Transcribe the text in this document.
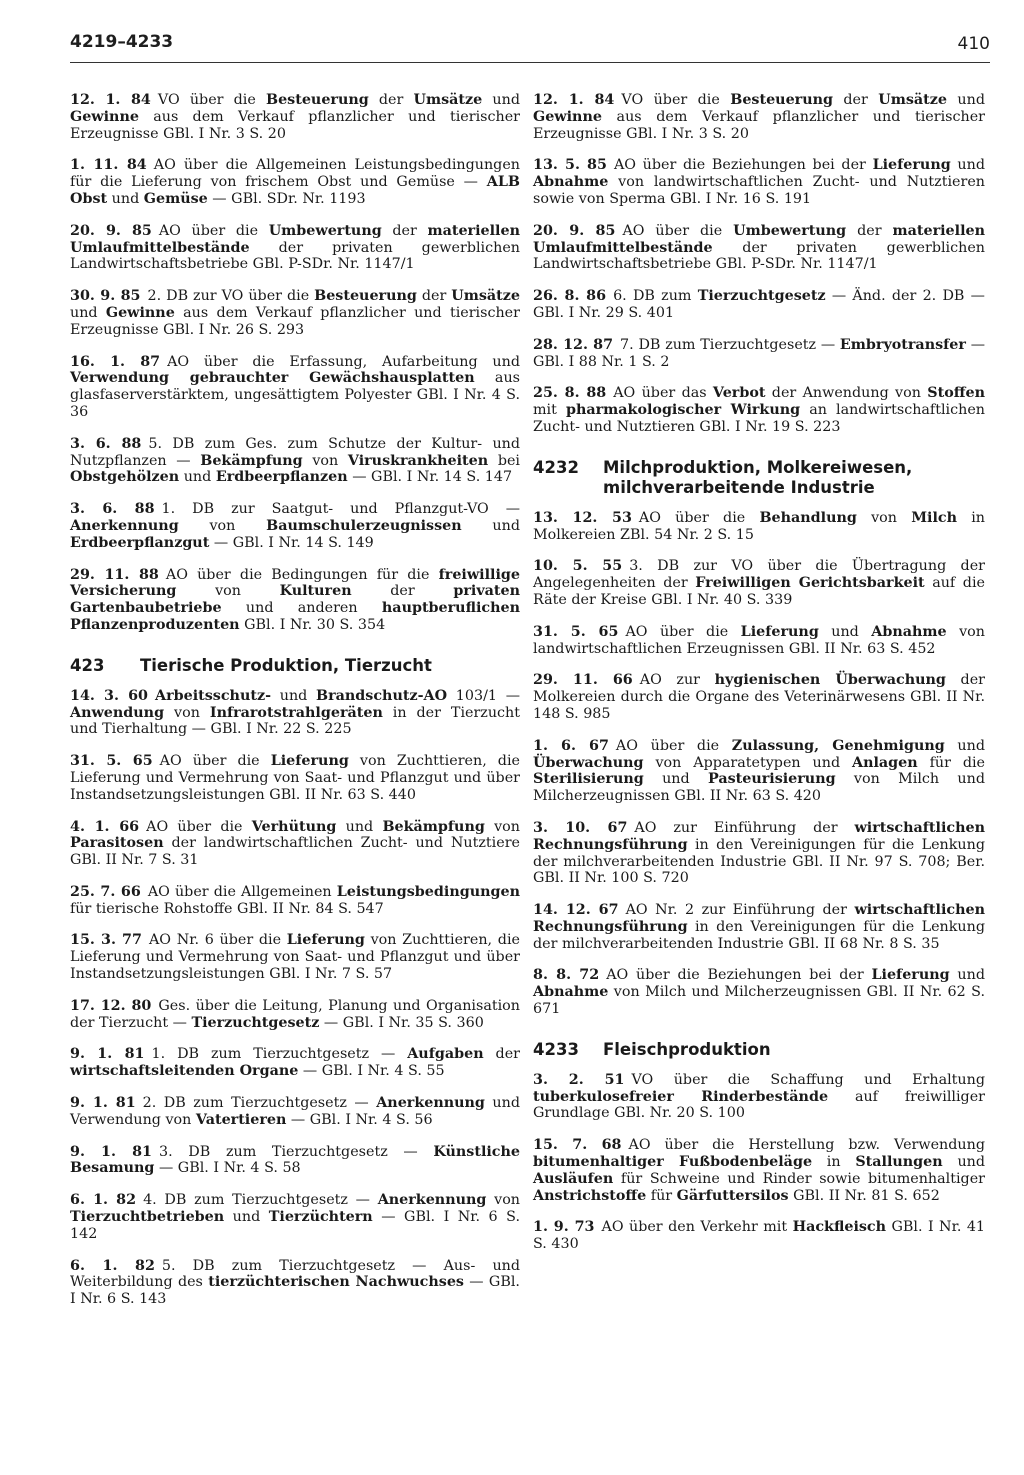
4219–4233	410
12. 1. 84 VO über die Besteuerung der Umsätze und Gewinne aus dem Verkauf pflanzlicher und tierischer Erzeugnisse GBl. I Nr. 3 S. 20
1. 11. 84 AO über die Allgemeinen Leistungsbedingungen für die Lieferung von frischem Obst und Gemüse — ALB Obst und Gemüse — GBl. SDr. Nr. 1193
20. 9. 85 AO über die Umbewertung der materiellen Umlaufmittelbestände der privaten gewerblichen Landwirtschaftsbetriebe GBl. P-SDr. Nr. 1147/1
30. 9. 85 2. DB zur VO über die Besteuerung der Umsätze und Gewinne aus dem Verkauf pflanzlicher und tierischer Erzeugnisse GBl. I Nr. 26 S. 293
16. 1. 87 AO über die Erfassung, Aufarbeitung und Verwendung gebrauchter Gewächshausplatten aus glasfaserverstärktem, ungesättigtem Polyester GBl. I Nr. 4 S. 36
3. 6. 88 5. DB zum Ges. zum Schutze der Kultur- und Nutzpflanzen — Bekämpfung von Viruskrankheiten bei Obstgehölzen und Erdbeerpflanzen — GBl. I Nr. 14 S. 147
3. 6. 88 1. DB zur Saatgut- und Pflanzgut-VO — Anerkennung von Baumschulerzeugnissen und Erdbeerpflanzgut — GBl. I Nr. 14 S. 149
29. 11. 88 AO über die Bedingungen für die freiwillige Versicherung von Kulturen der privaten Gartenbaubetriebe und anderen hauptberuflichen Pflanzenproduzenten GBl. I Nr. 30 S. 354
423	Tierische Produktion, Tierzucht
14. 3. 60 Arbeitsschutz- und Brandschutz-AO 103/1 — Anwendung von Infrarotstrahlgeräten in der Tierzucht und Tierhaltung — GBl. I Nr. 22 S. 225
31. 5. 65 AO über die Lieferung von Zuchttieren, die Lieferung und Vermehrung von Saat- und Pflanzgut und über Instandsetzungsleistungen GBl. II Nr. 63 S. 440
4. 1. 66 AO über die Verhütung und Bekämpfung von Parasitosen der landwirtschaftlichen Zucht- und Nutztiere GBl. II Nr. 7 S. 31
25. 7. 66 AO über die Allgemeinen Leistungsbedingungen für tierische Rohstoffe GBl. II Nr. 84 S. 547
15. 3. 77 AO Nr. 6 über die Lieferung von Zuchttieren, die Lieferung und Vermehrung von Saat- und Pflanzgut und über Instandsetzungsleistungen GBl. I Nr. 7 S. 57
17. 12. 80 Ges. über die Leitung, Planung und Organisation der Tierzucht — Tierzuchtgesetz — GBl. I Nr. 35 S. 360
9. 1. 81 1. DB zum Tierzuchtgesetz — Aufgaben der wirtschaftsleitenden Organe — GBl. I Nr. 4 S. 55
9. 1. 81 2. DB zum Tierzuchtgesetz — Anerkennung und Verwendung von Vatertieren — GBl. I Nr. 4 S. 56
9. 1. 81 3. DB zum Tierzuchtgesetz — Künstliche Besamung — GBl. I Nr. 4 S. 58
6. 1. 82 4. DB zum Tierzuchtgesetz — Anerkennung von Tierzuchtbetrieben und Tierzüchtern — GBl. I Nr. 6 S. 142
6. 1. 82 5. DB zum Tierzuchtgesetz — Aus- und Weiterbildung des tierzüchterischen Nachwuchses — GBl. I Nr. 6 S. 143
12. 1. 84 VO über die Besteuerung der Umsätze und Gewinne aus dem Verkauf pflanzlicher und tierischer Erzeugnisse GBl. I Nr. 3 S. 20
13. 5. 85 AO über die Beziehungen bei der Lieferung und Abnahme von landwirtschaftlichen Zucht- und Nutztieren sowie von Sperma GBl. I Nr. 16 S. 191
20. 9. 85 AO über die Umbewertung der materiellen Umlaufmittelbestände der privaten gewerblichen Landwirtschaftsbetriebe GBl. P-SDr. Nr. 1147/1
26. 8. 86 6. DB zum Tierzuchtgesetz — Änd. der 2. DB — GBl. I Nr. 29 S. 401
28. 12. 87 7. DB zum Tierzuchtgesetz — Embryotransfer — GBl. I 88 Nr. 1 S. 2
25. 8. 88 AO über das Verbot der Anwendung von Stoffen mit pharmakologischer Wirkung an landwirtschaftlichen Zucht- und Nutztieren GBl. I Nr. 19 S. 223
4232	Milchproduktion, Molkereiwesen, milchverarbeitende Industrie
13. 12. 53 AO über die Behandlung von Milch in Molkereien ZBl. 54 Nr. 2 S. 15
10. 5. 55 3. DB zur VO über die Übertragung der Angelegenheiten der Freiwilligen Gerichtsbarkeit auf die Räte der Kreise GBl. I Nr. 40 S. 339
31. 5. 65 AO über die Lieferung und Abnahme von landwirtschaftlichen Erzeugnissen GBl. II Nr. 63 S. 452
29. 11. 66 AO zur hygienischen Überwachung der Molkereien durch die Organe des Veterinärwesens GBl. II Nr. 148 S. 985
1. 6. 67 AO über die Zulassung, Genehmigung und Überwachung von Apparatetypen und Anlagen für die Sterilisierung und Pasteurisierung von Milch und Milcherzeugnissen GBl. II Nr. 63 S. 420
3. 10. 67 AO zur Einführung der wirtschaftlichen Rechnungsführung in den Vereinigungen für die Lenkung der milchverarbeitenden Industrie GBl. II Nr. 97 S. 708; Ber. GBl. II Nr. 100 S. 720
14. 12. 67 AO Nr. 2 zur Einführung der wirtschaftlichen Rechnungsführung in den Vereinigungen für die Lenkung der milchverarbeitenden Industrie GBl. II 68 Nr. 8 S. 35
8. 8. 72 AO über die Beziehungen bei der Lieferung und Abnahme von Milch und Milcherzeugnissen GBl. II Nr. 62 S. 671
4233	Fleischproduktion
3. 2. 51 VO über die Schaffung und Erhaltung tuberkulosefreier Rinderbestände auf freiwilliger Grundlage GBl. Nr. 20 S. 100
15. 7. 68 AO über die Herstellung bzw. Verwendung bitumenhaltiger Fußbodenbeläge in Stallungen und Ausläufen für Schweine und Rinder sowie bitumenhaltiger Anstrichstoffe für Gärfuttersilos GBl. II Nr. 81 S. 652
1. 9. 73 AO über den Verkehr mit Hackfleisch GBl. I Nr. 41 S. 430
